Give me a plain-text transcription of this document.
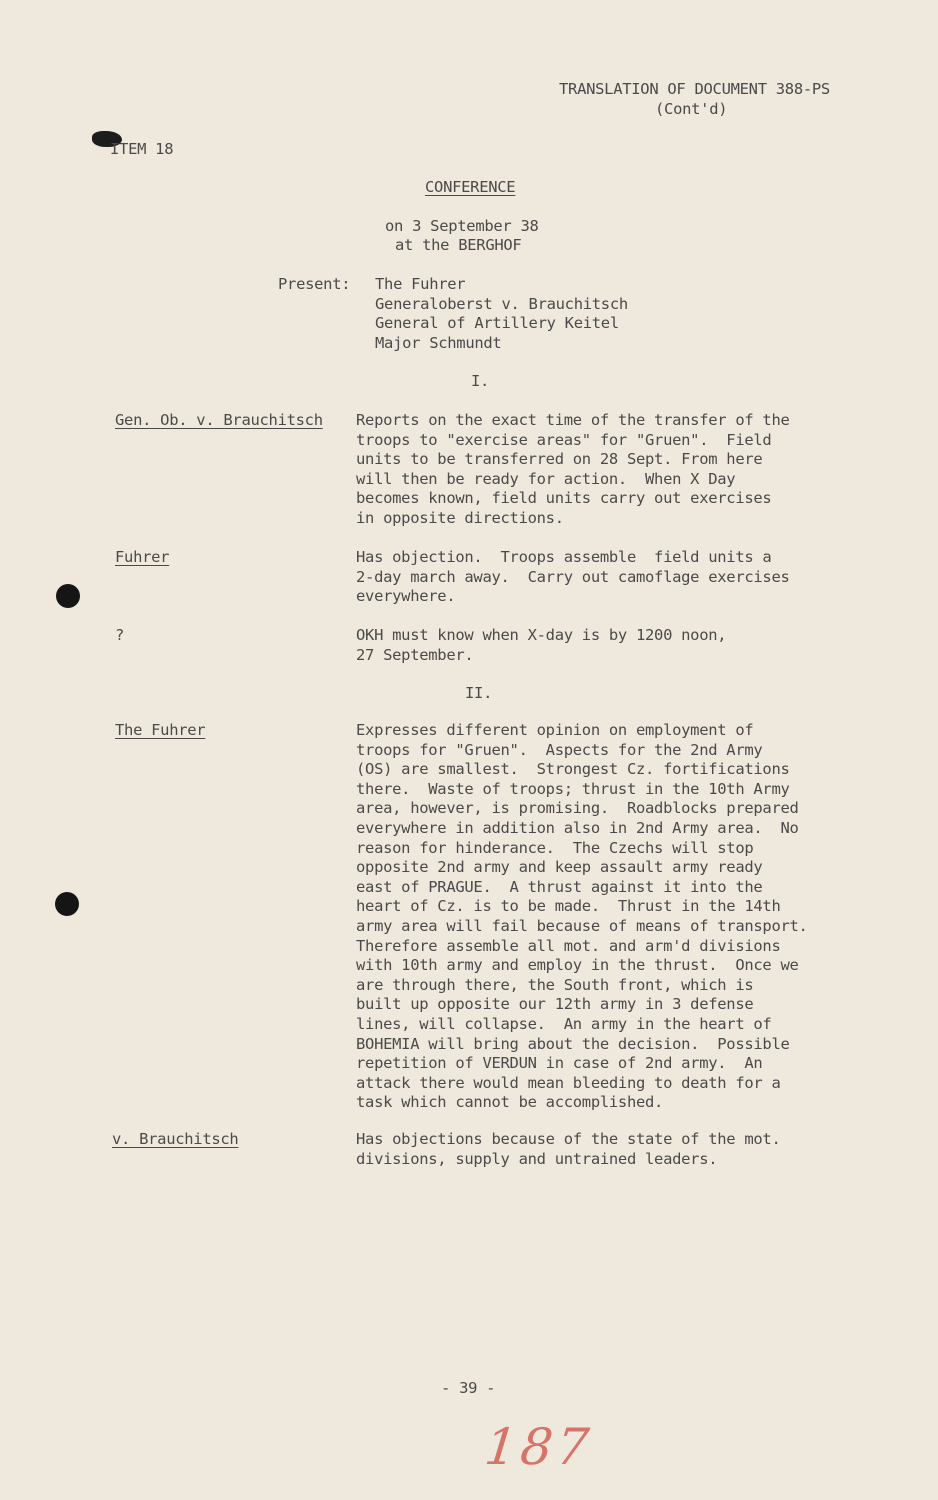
TRANSLATION OF DOCUMENT 388-PS
(Cont'd)
ITEM 18
CONFERENCE
on 3 September 38
at the BERGHOF
Present: The Fuhrer
Generaloberst v. Brauchitsch
General of Artillery Keitel
Major Schmundt
I.
Gen. Ob. v. Brauchitsch Reports on the exact time of the transfer of the
troops to "exercise areas" for "Gruen".  Field
units to be transferred on 28 Sept. From here
will then be ready for action.  When X Day
becomes known, field units carry out exercises
in opposite directions.
Fuhrer	Has objection.  Troops assemble  field units a
2-day march away.  Carry out camoflage exercises
everywhere.
?	OKH must know when X-day is by 1200 noon,
27 September.
II.
The Fuhrer	Expresses different opinion on employment of
troops for "Gruen".  Aspects for the 2nd Army
(OS) are smallest.  Strongest Cz. fortifications
there.  Waste of troops; thrust in the 10th Army
area, however, is promising.  Roadblocks prepared
everywhere in addition also in 2nd Army area.  No
reason for hinderance.  The Czechs will stop
opposite 2nd army and keep assault army ready
east of PRAGUE.  A thrust against it into the
heart of Cz. is to be made.  Thrust in the 14th
army area will fail because of means of transport.
Therefore assemble all mot. and arm'd divisions
with 10th army and employ in the thrust.  Once we
are through there, the South front, which is
built up opposite our 12th army in 3 defense
lines, will collapse.  An army in the heart of
BOHEMIA will bring about the decision.  Possible
repetition of VERDUN in case of 2nd army.  An
attack there would mean bleeding to death for a
task which cannot be accomplished.
v. Brauchitsch	Has objections because of the state of the mot.
divisions, supply and untrained leaders.
- 39 -
187
